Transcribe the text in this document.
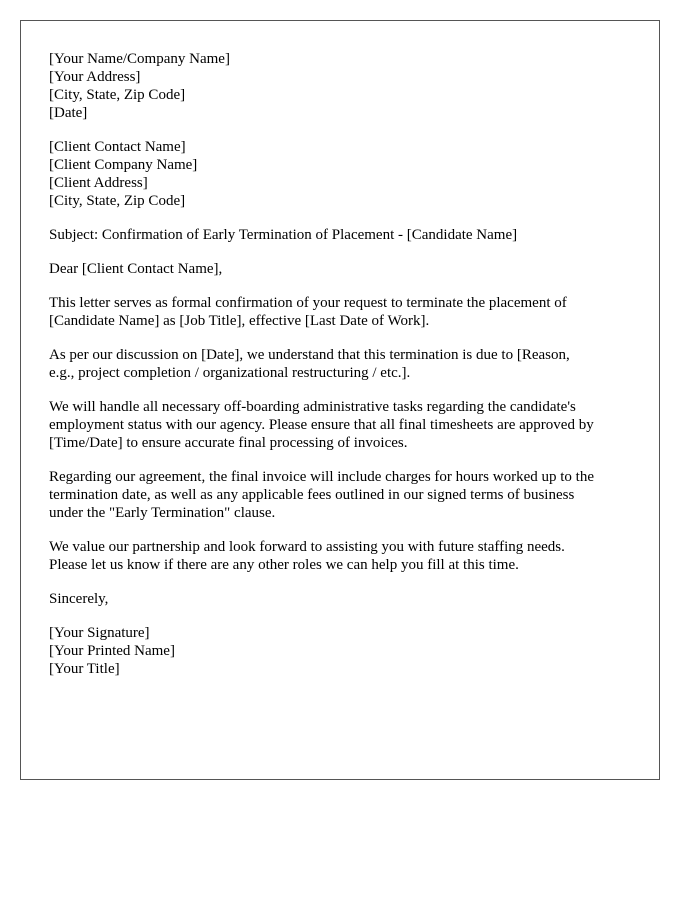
[Your Name/Company Name]
[Your Address]
[City, State, Zip Code]
[Date]
[Client Contact Name]
[Client Company Name]
[Client Address]
[City, State, Zip Code]
Subject: Confirmation of Early Termination of Placement - [Candidate Name]
Dear [Client Contact Name],
This letter serves as formal confirmation of your request to terminate the placement of
[Candidate Name] as [Job Title], effective [Last Date of Work].
As per our discussion on [Date], we understand that this termination is due to [Reason,
e.g., project completion / organizational restructuring / etc.].
We will handle all necessary off-boarding administrative tasks regarding the candidate's
employment status with our agency. Please ensure that all final timesheets are approved by
[Time/Date] to ensure accurate final processing of invoices.
Regarding our agreement, the final invoice will include charges for hours worked up to the
termination date, as well as any applicable fees outlined in our signed terms of business
under the "Early Termination" clause.
We value our partnership and look forward to assisting you with future staffing needs.
Please let us know if there are any other roles we can help you fill at this time.
Sincerely,
[Your Signature]
[Your Printed Name]
[Your Title]
